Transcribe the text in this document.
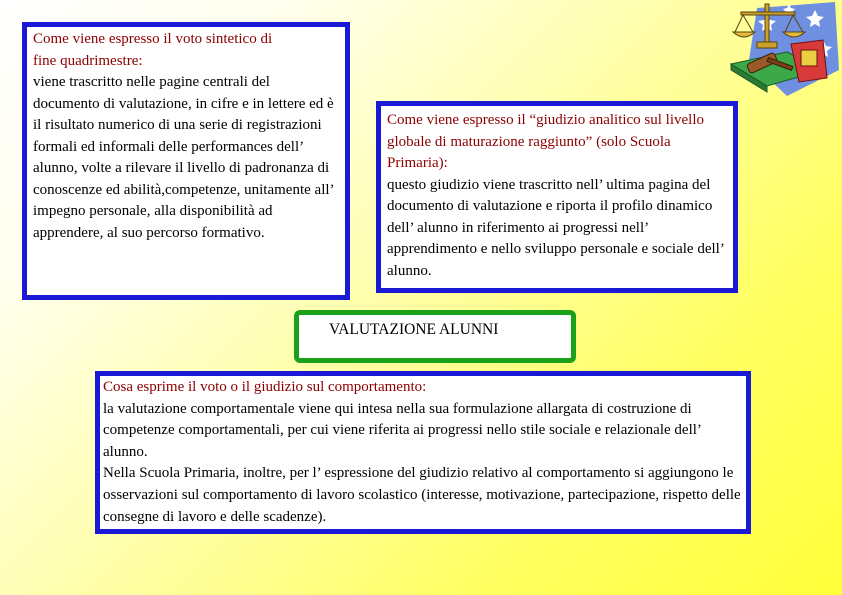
Come viene espresso il voto sintetico di
fine quadrimestre:
viene trascritto nelle pagine centrali del documento di valutazione, in cifre e in lettere ed è il risultato numerico di una serie di registrazioni formali ed informali delle performances dell’ alunno, volte a rilevare il livello di padronanza di conoscenze ed abilità,competenze, unitamente all’ impegno personale, alla disponibilità ad apprendere, al suo percorso formativo.
Come viene espresso il “giudizio analitico sul livello globale di maturazione raggiunto” (solo Scuola Primaria):
questo giudizio viene trascritto nell’ ultima pagina del documento di valutazione e riporta il profilo dinamico dell’ alunno in riferimento ai progressi nell’ apprendimento e nello sviluppo personale e sociale dell’ alunno.
VALUTAZIONE ALUNNI
Cosa esprime il voto o il giudizio sul comportamento:
la valutazione comportamentale viene qui intesa nella sua formulazione allargata di costruzione di competenze comportamentali, per cui viene riferita ai progressi nello stile sociale e relazionale dell’ alunno.
Nella Scuola Primaria, inoltre, per l’ espressione del giudizio relativo al comportamento si aggiungono le osservazioni sul comportamento di lavoro scolastico (interesse, motivazione, partecipazione, rispetto delle consegne di lavoro e delle scadenze).
